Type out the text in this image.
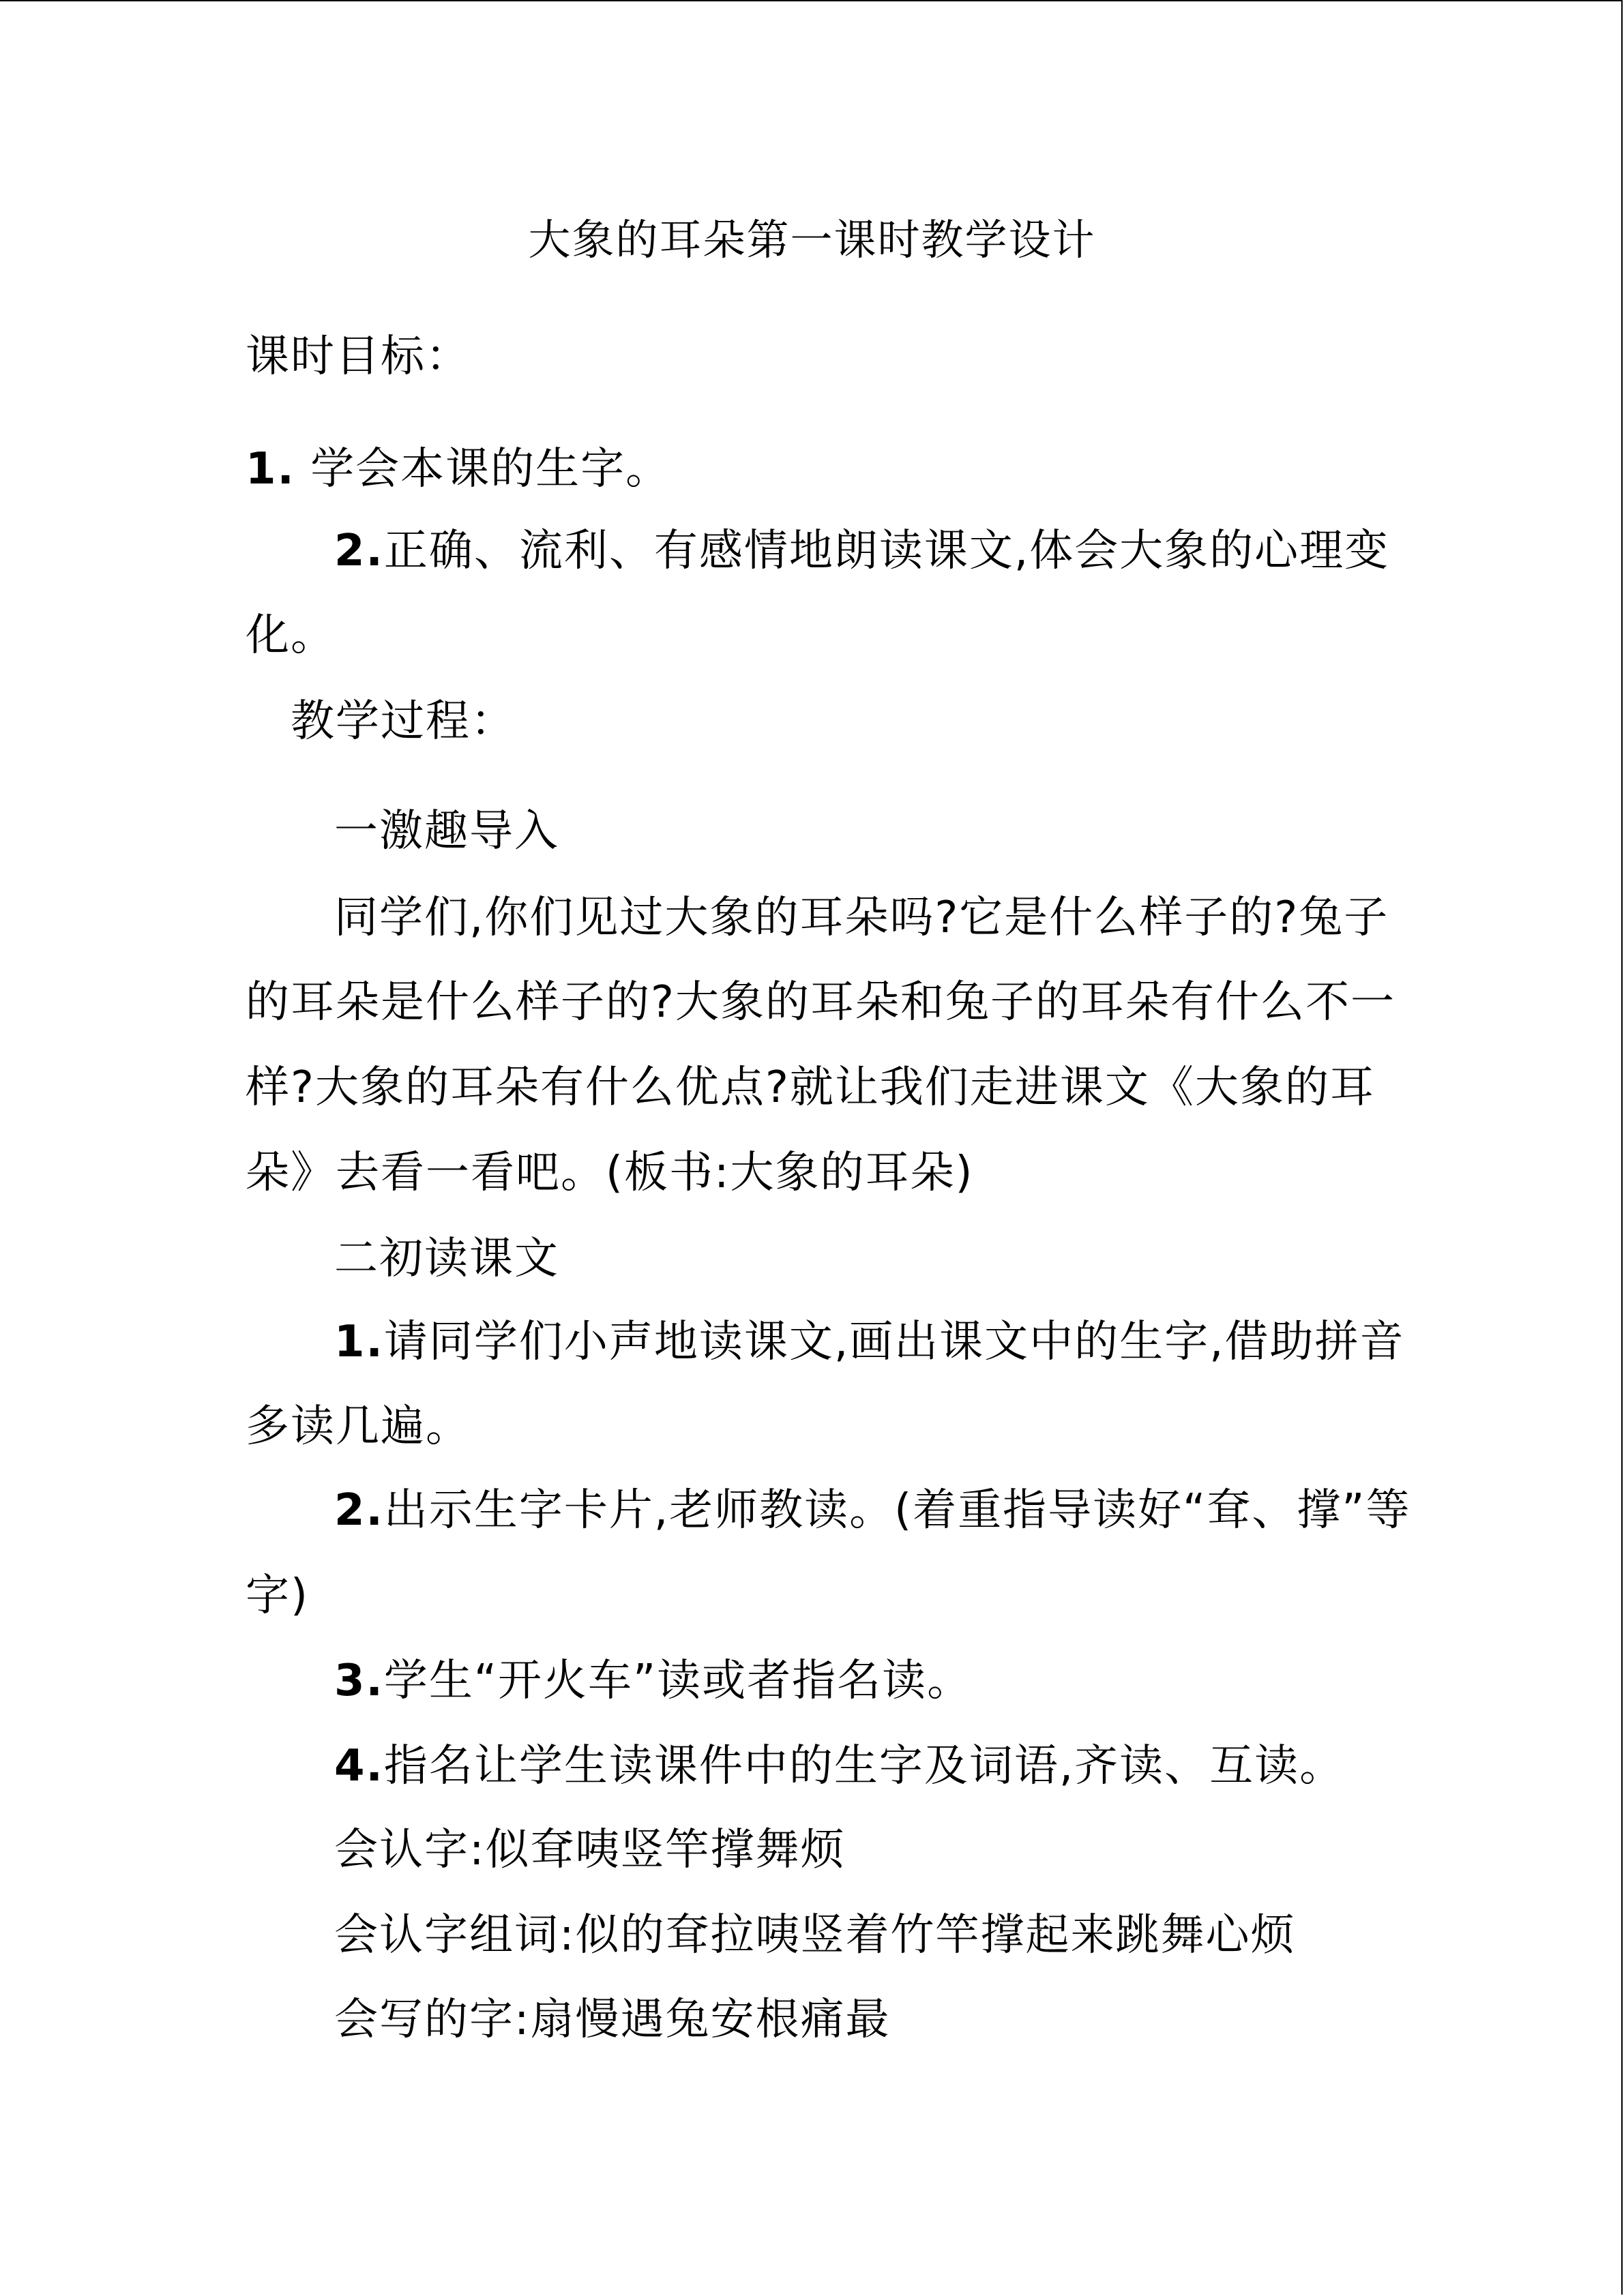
大象的耳朵第一课时教学设计
课时目标：
1. 学会本课的生字。
2.正确、流利、有感情地朗读课文,体会大象的心理变
化。
教学过程：
一激趣导入
同学们,你们见过大象的耳朵吗?它是什么样子的?兔子
的耳朵是什么样子的?大象的耳朵和兔子的耳朵有什么不一
样?大象的耳朵有什么优点?就让我们走进课文《大象的耳
朵》去看一看吧。(板书:大象的耳朵)
二初读课文
1.请同学们小声地读课文,画出课文中的生字,借助拼音
多读几遍。
2.出示生字卡片,老师教读。(着重指导读好“耷、撑”等
字)
3.学生“开火车”读或者指名读。
4.指名让学生读课件中的生字及词语,齐读、互读。
会认字:似耷咦竖竿撑舞烦
会认字组词:似的耷拉咦竖着竹竿撑起来跳舞心烦
会写的字:扇慢遇兔安根痛最
